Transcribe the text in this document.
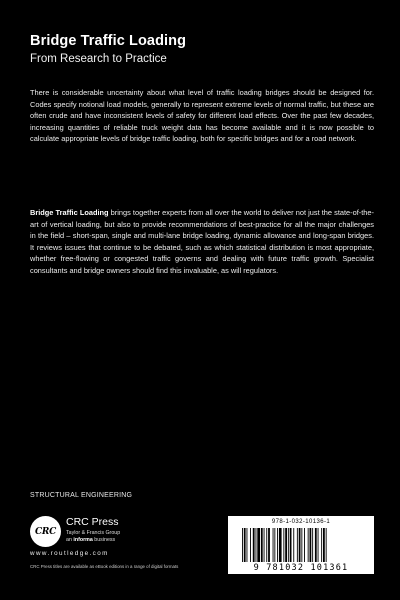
Bridge Traffic Loading
From Research to Practice

There is considerable uncertainty about what level of traffic loading bridges should be designed for. Codes specify notional load models, generally to represent extreme levels of normal traffic, but these are often crude and have inconsistent levels of safety for different load effects. Over the past few decades, increasing quantities of reliable truck weight data has become available and it is now possible to calculate appropriate levels of bridge traffic loading, both for specific bridges and for a road network.

Bridge Traffic Loading brings together experts from all over the world to deliver not just the state-of-the-art of vertical loading, but also to provide recommendations of best-practice for all the major challenges in the field – short-span, single and multi-lane bridge loading, dynamic allowance and long-span bridges. It reviews issues that continue to be debated, such as which statistical distribution is most appropriate, whether free-flowing or congested traffic governs and dealing with future traffic growth. Specialist consultants and bridge owners should find this invaluable, as will regulators.

STRUCTURAL ENGINEERING
CRC
CRC Press
Taylor & Francis Group
an informa business
www.routledge.com
CRC Press titles are available as eBook editions in a range of digital formats
978-1-032-10136-1
9 781032 101361
